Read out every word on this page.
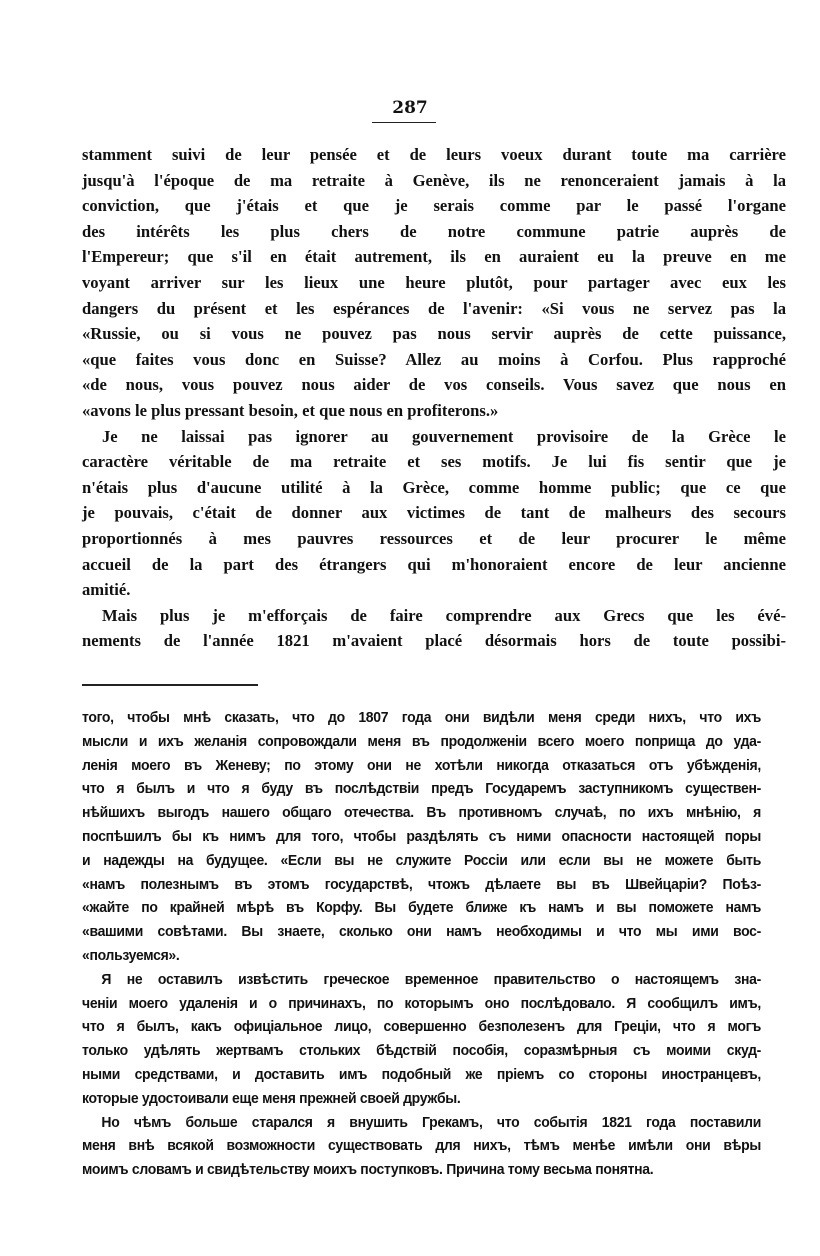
287
stamment suivi de leur pensée et de leurs voeux durant toute ma carrière
jusqu'à l'époque de ma retraite à Genève, ils ne renonceraient jamais à la
conviction, que j'étais et que je serais comme par le passé l'organe
des intérêts les plus chers de notre commune patrie auprès de
l'Empereur; que s'il en était autrement, ils en auraient eu la preuve en me
voyant arriver sur les lieux une heure plutôt, pour partager avec eux les
dangers du présent et les espérances de l'avenir: «Si vous ne servez pas la
«Russie, ou si vous ne pouvez pas nous servir auprès de cette puissance,
«que faites vous donc en Suisse? Allez au moins à Corfou. Plus rapproché
«de nous, vous pouvez nous aider de vos conseils. Vous savez que nous en
«avons le plus pressant besoin, et que nous en profiterons.»
Je ne laissai pas ignorer au gouvernement provisoire de la Grèce le
caractère véritable de ma retraite et ses motifs. Je lui fis sentir que je
n'étais plus d'aucune utilité à la Grèce, comme homme public; que ce que
je pouvais, c'était de donner aux victimes de tant de malheurs des secours
proportionnés à mes pauvres ressources et de leur procurer le même
accueil de la part des étrangers qui m'honoraient encore de leur ancienne
amitié.
Mais plus je m'efforçais de faire comprendre aux Grecs que les évé-
nements de l'année 1821 m'avaient placé désormais hors de toute possibi-
того, чтобы мнѣ сказать, что до 1807 года они видѣли меня среди нихъ, что ихъ
мысли и ихъ желанія сопровождали меня въ продолженіи всего моего поприща до уда-
ленія моего въ Женеву; по этому они не хотѣли никогда отказаться отъ убѣжденія,
что я былъ и что я буду въ послѣдствіи предъ Государемъ заступникомъ существен-
нѣйшихъ выгодъ нашего общаго отечества. Въ противномъ случаѣ, по ихъ мнѣнію, я
поспѣшилъ бы къ нимъ для того, чтобы раздѣлять съ ними опасности настоящей поры
и надежды на будущее. «Если вы не служите Россіи или если вы не можете быть
«намъ полезнымъ въ этомъ государствѣ, чтожъ дѣлаете вы въ Швейцаріи? Поѣз-
«жайте по крайней мѣрѣ въ Корфу. Вы будете ближе къ намъ и вы поможете намъ
«вашими совѣтами. Вы знаете, сколько они намъ необходимы и что мы ими вос-
«пользуемся».
Я не оставилъ извѣстить греческое временное правительство о настоящемъ зна-
ченіи моего удаленія и о причинахъ, по которымъ оно послѣдовало. Я сообщилъ имъ,
что я былъ, какъ офиціальное лицо, совершенно безполезенъ для Греціи, что я могъ
только удѣлять жертвамъ стольких бѣдствій пособія, соразмѣрныя съ моими скуд-
ными средствами, и доставить имъ подобный же пріемъ со стороны иностранцевъ,
которые удостоивали еще меня прежней своей дружбы.
Но чѣмъ больше старался я внушить Грекамъ, что событія 1821 года поставили
меня внѣ всякой возможности существовать для нихъ, тѣмъ менѣе имѣли они вѣры
моимъ словамъ и свидѣтельству моихъ поступковъ. Причина тому весьма понятна.
